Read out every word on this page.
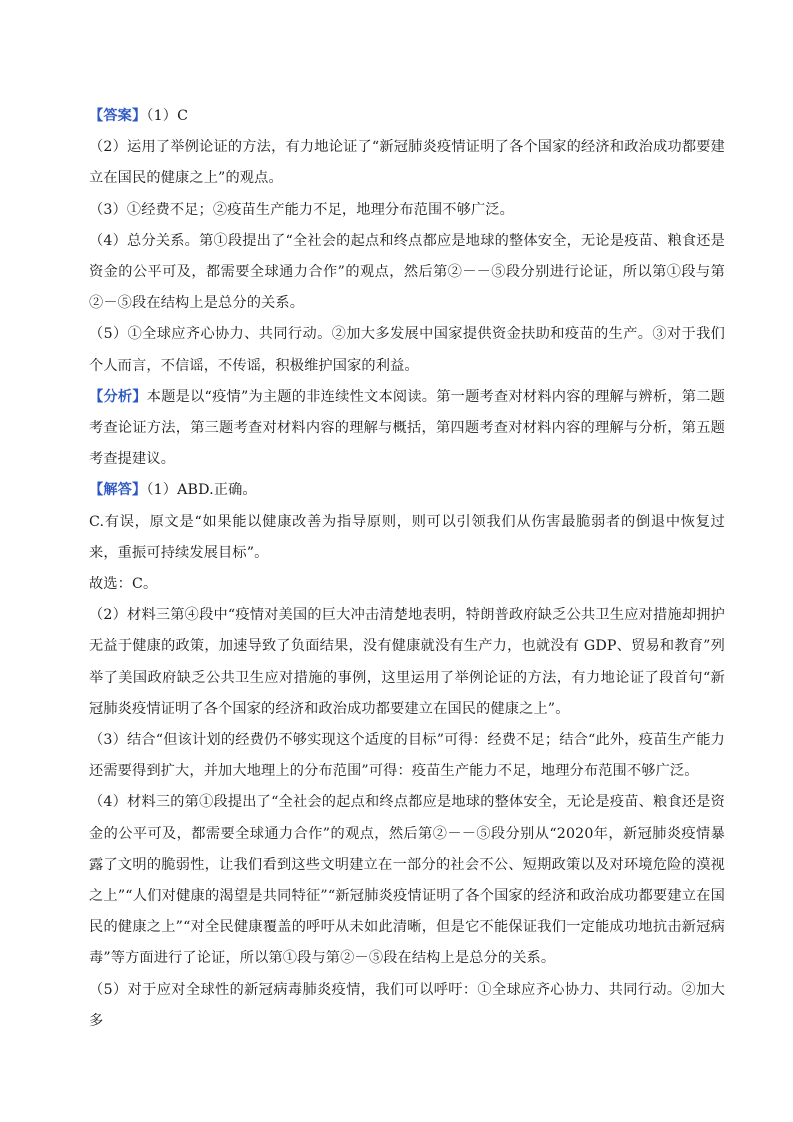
【答案】（1）C

（2）运用了举例论证的方法，有力地论证了“新冠肺炎疫情证明了各个国家的经济和政治成功都要建立在国民的健康之上”的观点。

（3）①经费不足；②疫苗生产能力不足，地理分布范围不够广泛。

（4）总分关系。第①段提出了“全社会的起点和终点都应是地球的整体安全，无论是疫苗、粮食还是资金的公平可及，都需要全球通力合作”的观点，然后第②－－⑤段分别进行论证，所以第①段与第②－⑤段在结构上是总分的关系。

（5）①全球应齐心协力、共同行动。②加大多发展中国家提供资金扶助和疫苗的生产。③对于我们个人而言，不信谣，不传谣，积极维护国家的利益。

【分析】本题是以“疫情”为主题的非连续性文本阅读。第一题考查对材料内容的理解与辨析，第二题考查论证方法，第三题考查对材料内容的理解与概括，第四题考查对材料内容的理解与分析，第五题考查提建议。

【解答】（1）ABD.正确。

C.有误，原文是“如果能以健康改善为指导原则，则可以引领我们从伤害最脆弱者的倒退中恢复过来，重振可持续发展目标”。

故选：C。

（2）材料三第④段中“疫情对美国的巨大冲击清楚地表明，特朗普政府缺乏公共卫生应对措施却拥护无益于健康的政策，加速导致了负面结果，没有健康就没有生产力，也就没有 GDP、贸易和教育”列举了美国政府缺乏公共卫生应对措施的事例，这里运用了举例论证的方法，有力地论证了段首句“新冠肺炎疫情证明了各个国家的经济和政治成功都要建立在国民的健康之上”。

（3）结合“但该计划的经费仍不够实现这个适度的目标”可得：经费不足；结合“此外，疫苗生产能力还需要得到扩大，并加大地理上的分布范围”可得：疫苗生产能力不足，地理分布范围不够广泛。

（4）材料三的第①段提出了“全社会的起点和终点都应是地球的整体安全，无论是疫苗、粮食还是资金的公平可及，都需要全球通力合作”的观点，然后第②－－⑤段分别从“2020年，新冠肺炎疫情暴露了文明的脆弱性，让我们看到这些文明建立在一部分的社会不公、短期政策以及对环境危险的漠视之上”“人们对健康的渴望是共同特征”“新冠肺炎疫情证明了各个国家的经济和政治成功都要建立在国民的健康之上”“对全民健康覆盖的呼吁从未如此清晰，但是它不能保证我们一定能成功地抗击新冠病毒”等方面进行了论证，所以第①段与第②－⑤段在结构上是总分的关系。

（5）对于应对全球性的新冠病毒肺炎疫情，我们可以呼吁：①全球应齐心协力、共同行动。②加大多
